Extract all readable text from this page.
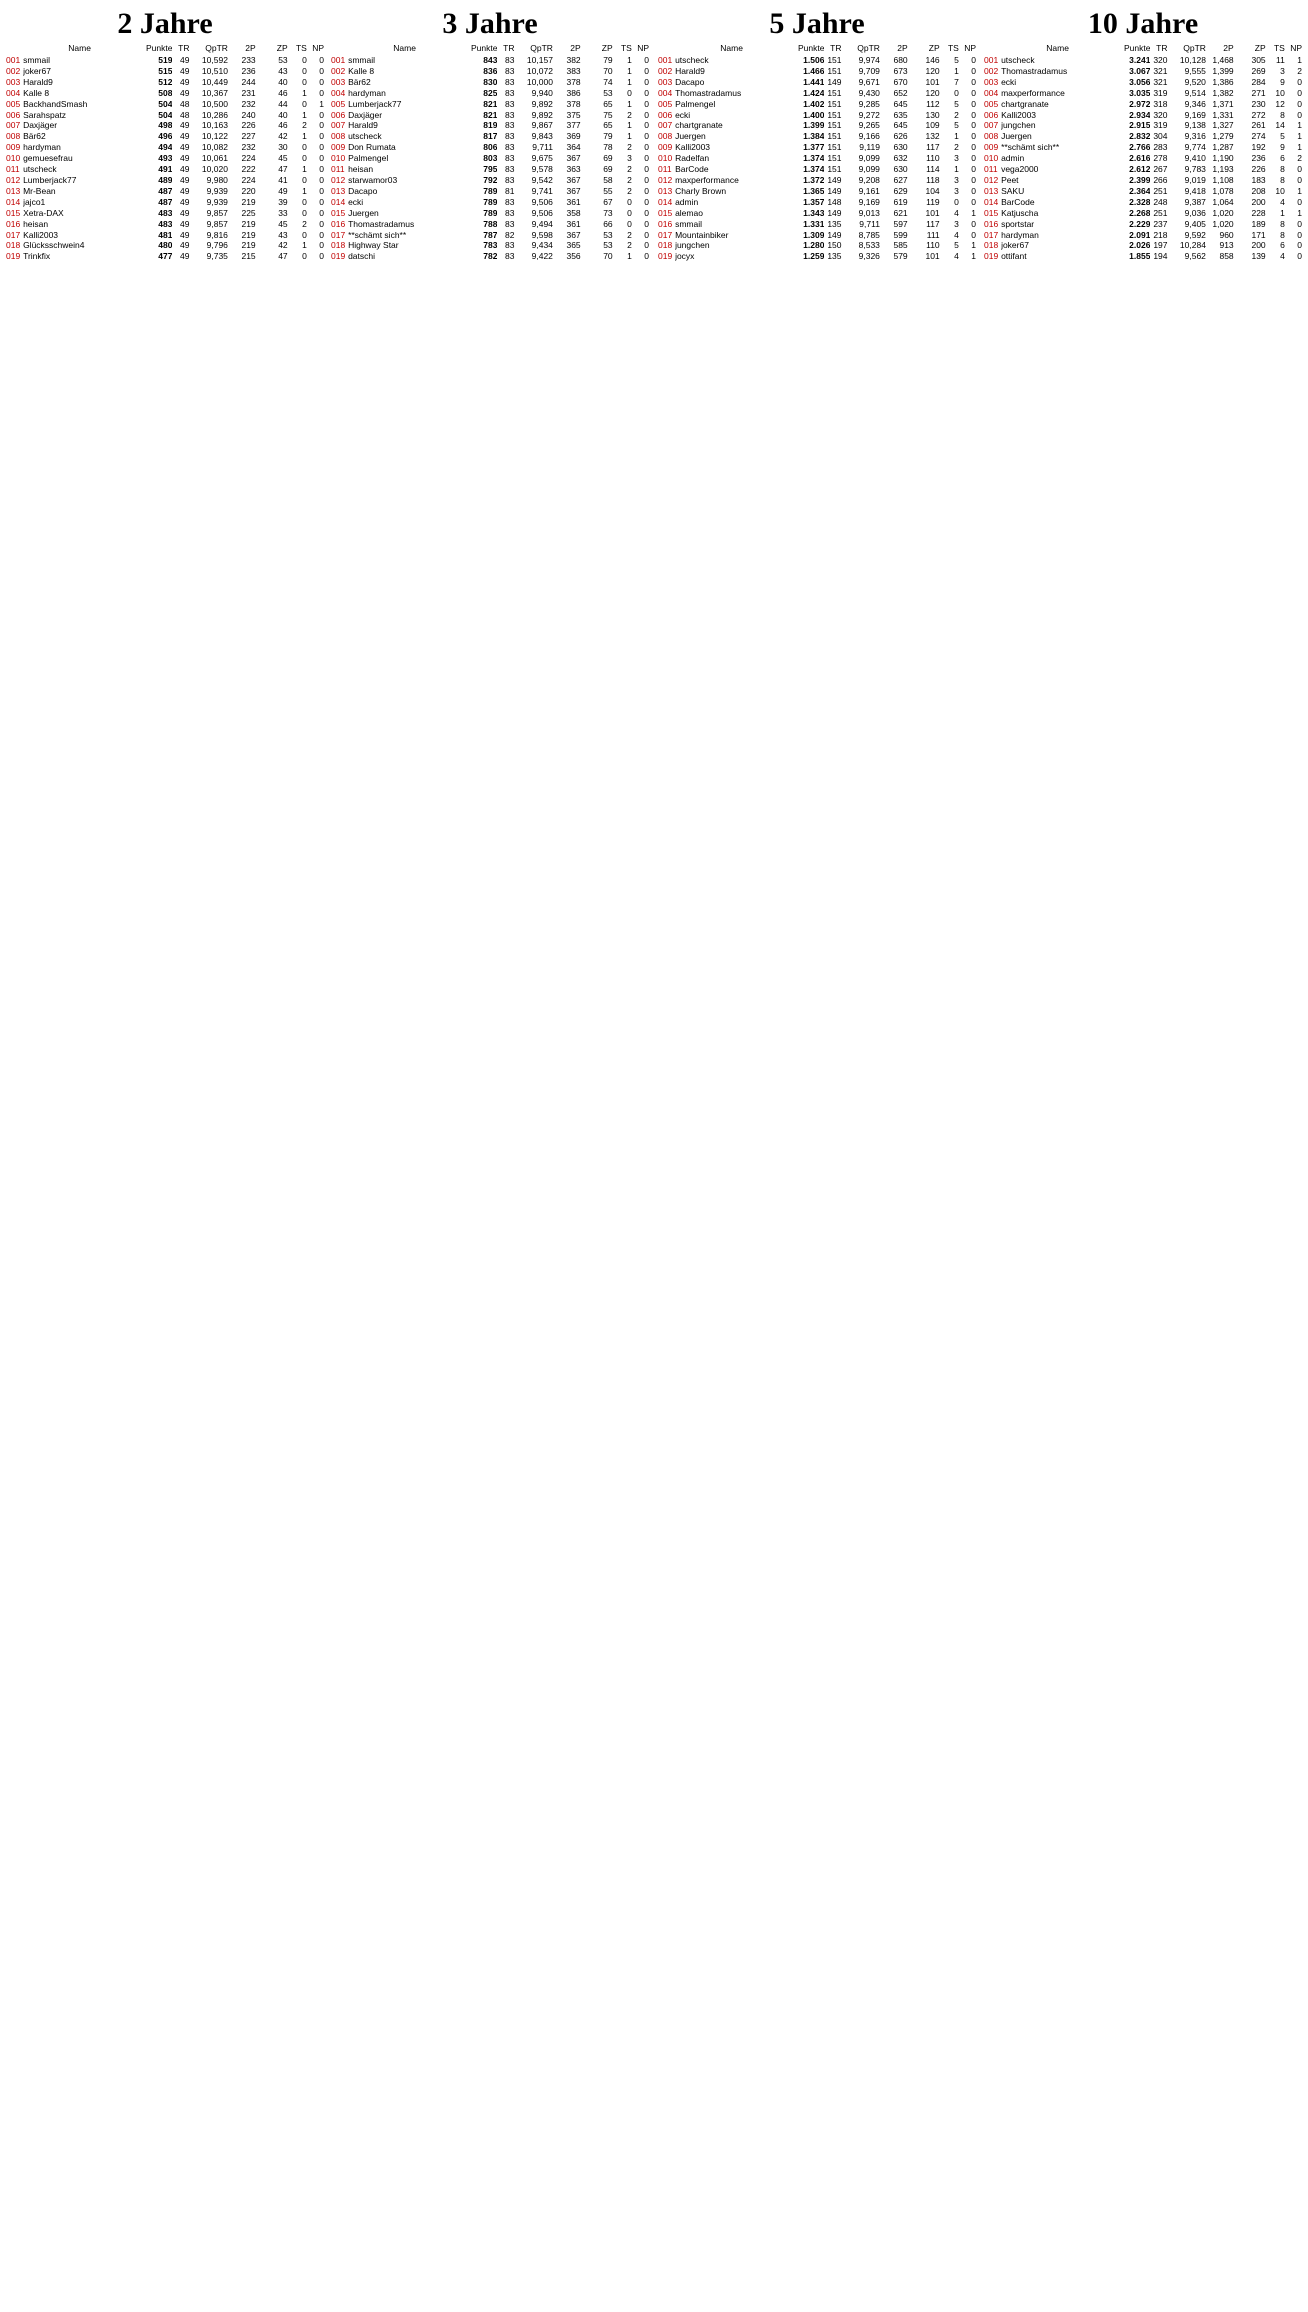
2 Jahre
	Name	Punkte	TR	QpTR	2P	ZP	TS	NP
001	smmail	519	49	10,592	233	53	0	0
002	joker67	515	49	10,510	236	43	0	0
003	Harald9	512	49	10,449	244	40	0	0
004	Kalle 8	508	49	10,367	231	46	1	0
005	BackhandSmash	504	48	10,500	232	44	0	1
006	Sarahspatz	504	48	10,286	240	40	1	0
007	Daxjäger	498	49	10,163	226	46	2	0
008	Bär62	496	49	10,122	227	42	1	0
009	hardyman	494	49	10,082	232	30	0	0
010	gemuesefrau	493	49	10,061	224	45	0	0
011	utscheck	491	49	10,020	222	47	1	0
012	Lumberjack77	489	49	9,980	224	41	0	0
013	Mr-Bean	487	49	9,939	220	49	1	0
014	jajco1	487	49	9,939	219	39	0	0
015	Xetra-DAX	483	49	9,857	225	33	0	0
016	heisan	483	49	9,857	219	45	2	0
017	Kalli2003	481	49	9,816	219	43	0	0
018	Glücksschwein4	480	49	9,796	219	42	1	0
019	Trinkfix	477	49	9,735	215	47	0	0
3 Jahre
	Name	Punkte	TR	QpTR	2P	ZP	TS	NP
001	smmail	843	83	10,157	382	79	1	0
002	Kalle 8	836	83	10,072	383	70	1	0
003	Bär62	830	83	10,000	378	74	1	0
004	hardyman	825	83	9,940	386	53	0	0
005	Lumberjack77	821	83	9,892	378	65	1	0
006	Daxjäger	821	83	9,892	375	75	2	0
007	Harald9	819	83	9,867	377	65	1	0
008	utscheck	817	83	9,843	369	79	1	0
009	Don Rumata	806	83	9,711	364	78	2	0
010	Palmengel	803	83	9,675	367	69	3	0
011	heisan	795	83	9,578	363	69	2	0
012	starwamor03	792	83	9,542	367	58	2	0
013	Dacapo	789	81	9,741	367	55	2	0
014	ecki	789	83	9,506	361	67	0	0
015	Juergen	789	83	9,506	358	73	0	0
016	Thomastradamus	788	83	9,494	361	66	0	0
017	**schämt sich**	787	82	9,598	367	53	2	0
018	Highway Star	783	83	9,434	365	53	2	0
019	datschi	782	83	9,422	356	70	1	0
5 Jahre
	Name	Punkte	TR	QpTR	2P	ZP	TS	NP
001	utscheck	1.506	151	9,974	680	146	5	0
002	Harald9	1.466	151	9,709	673	120	1	0
003	Dacapo	1.441	149	9,671	670	101	7	0
004	Thomastradamus	1.424	151	9,430	652	120	0	0
005	Palmengel	1.402	151	9,285	645	112	5	0
006	ecki	1.400	151	9,272	635	130	2	0
007	chartgranate	1.399	151	9,265	645	109	5	0
008	Juergen	1.384	151	9,166	626	132	1	0
009	Kalli2003	1.377	151	9,119	630	117	2	0
010	Radelfan	1.374	151	9,099	632	110	3	0
011	BarCode	1.374	151	9,099	630	114	1	0
012	maxperformance	1.372	149	9,208	627	118	3	0
013	Charly Brown	1.365	149	9,161	629	104	3	0
014	admin	1.357	148	9,169	619	119	0	0
015	alemao	1.343	149	9,013	621	101	4	1
016	smmail	1.331	135	9,711	597	117	3	0
017	Mountainbiker	1.309	149	8,785	599	111	4	0
018	jungchen	1.280	150	8,533	585	110	5	1
019	jocyx	1.259	135	9,326	579	101	4	1
10 Jahre
	Name	Punkte	TR	QpTR	2P	ZP	TS	NP
001	utscheck	3.241	320	10,128	1,468	305	11	1
002	Thomastradamus	3.067	321	9,555	1,399	269	3	2
003	ecki	3.056	321	9,520	1,386	284	9	0
004	maxperformance	3.035	319	9,514	1,382	271	10	0
005	chartgranate	2.972	318	9,346	1,371	230	12	0
006	Kalli2003	2.934	320	9,169	1,331	272	8	0
007	jungchen	2.915	319	9,138	1,327	261	14	1
008	Juergen	2.832	304	9,316	1,279	274	5	1
009	**schämt sich**	2.766	283	9,774	1,287	192	9	1
010	admin	2.616	278	9,410	1,190	236	6	2
011	vega2000	2.612	267	9,783	1,193	226	8	0
012	Peet	2.399	266	9,019	1,108	183	8	0
013	SAKU	2.364	251	9,418	1,078	208	10	1
014	BarCode	2.328	248	9,387	1,064	200	4	0
015	Katjuscha	2.268	251	9,036	1,020	228	1	1
016	sportstar	2.229	237	9,405	1,020	189	8	0
017	hardyman	2.091	218	9,592	960	171	8	0
018	joker67	2.026	197	10,284	913	200	6	0
019	ottifant	1.855	194	9,562	858	139	4	0
